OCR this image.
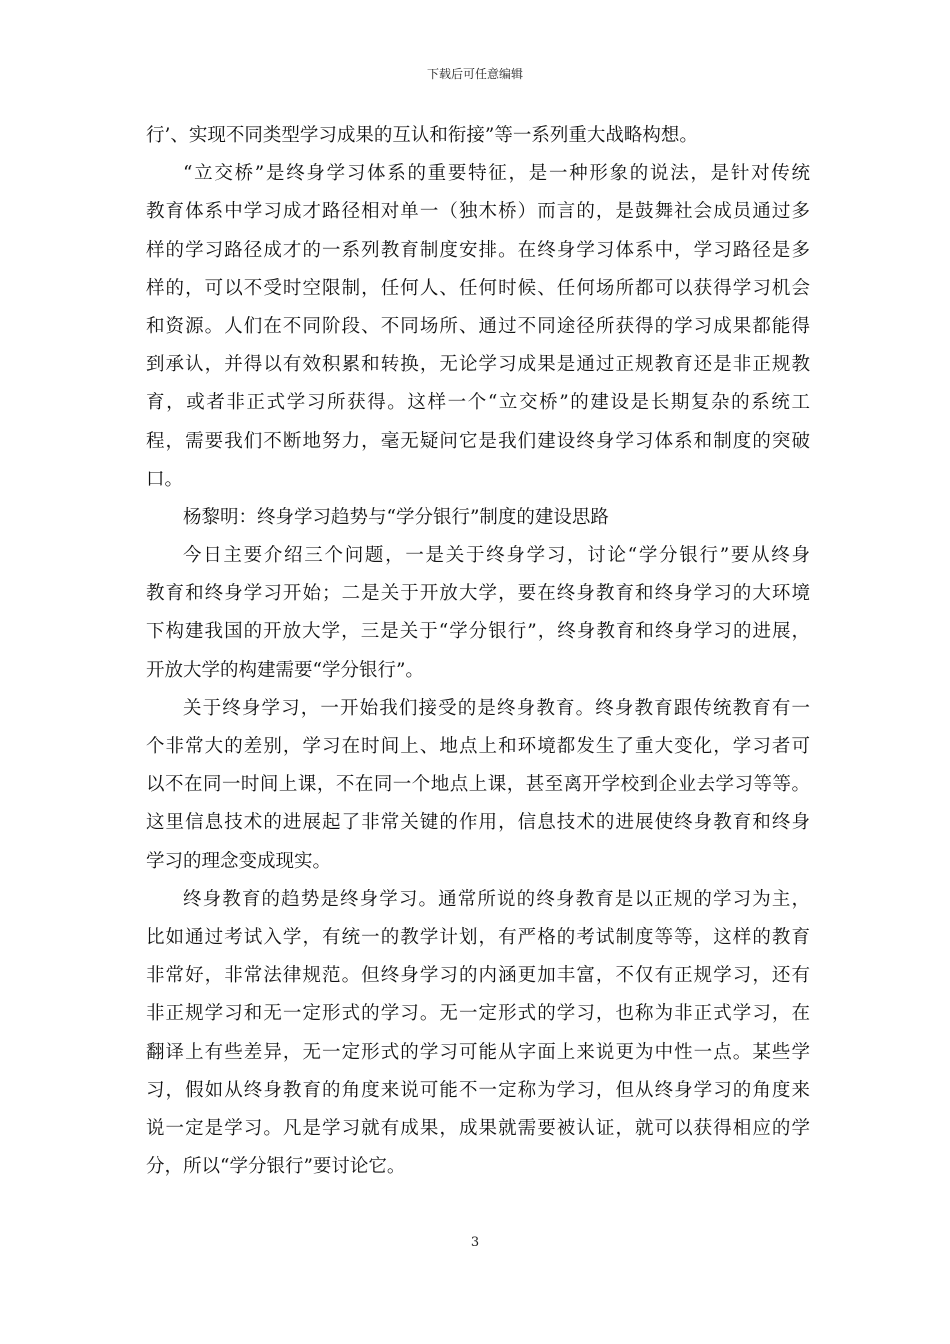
下载后可任意编辑
行’、实现不同类型学习成果的互认和衔接”等一系列重大战略构想。
“立交桥”是终身学习体系的重要特征，是一种形象的说法，是针对传统
教育体系中学习成才路径相对单一（独木桥）而言的，是鼓舞社会成员通过多
样的学习路径成才的一系列教育制度安排。在终身学习体系中，学习路径是多
样的，可以不受时空限制，任何人、任何时候、任何场所都可以获得学习机会
和资源。人们在不同阶段、不同场所、通过不同途径所获得的学习成果都能得
到承认，并得以有效积累和转换，无论学习成果是通过正规教育还是非正规教
育，或者非正式学习所获得。这样一个“立交桥”的建设是长期复杂的系统工
程，需要我们不断地努力，毫无疑问它是我们建设终身学习体系和制度的突破
口。
杨黎明：终身学习趋势与“学分银行”制度的建设思路
今日主要介绍三个问题，一是关于终身学习，讨论“学分银行”要从终身
教育和终身学习开始；二是关于开放大学，要在终身教育和终身学习的大环境
下构建我国的开放大学，三是关于“学分银行”，终身教育和终身学习的进展，
开放大学的构建需要“学分银行”。
关于终身学习，一开始我们接受的是终身教育。终身教育跟传统教育有一
个非常大的差别，学习在时间上、地点上和环境都发生了重大变化，学习者可
以不在同一时间上课，不在同一个地点上课，甚至离开学校到企业去学习等等。
这里信息技术的进展起了非常关键的作用，信息技术的进展使终身教育和终身
学习的理念变成现实。
终身教育的趋势是终身学习。通常所说的终身教育是以正规的学习为主，
比如通过考试入学，有统一的教学计划，有严格的考试制度等等，这样的教育
非常好，非常法律规范。但终身学习的内涵更加丰富，不仅有正规学习，还有
非正规学习和无一定形式的学习。无一定形式的学习，也称为非正式学习，在
翻译上有些差异，无一定形式的学习可能从字面上来说更为中性一点。某些学
习，假如从终身教育的角度来说可能不一定称为学习，但从终身学习的角度来
说一定是学习。凡是学习就有成果，成果就需要被认证，就可以获得相应的学
分，所以“学分银行”要讨论它。
3
